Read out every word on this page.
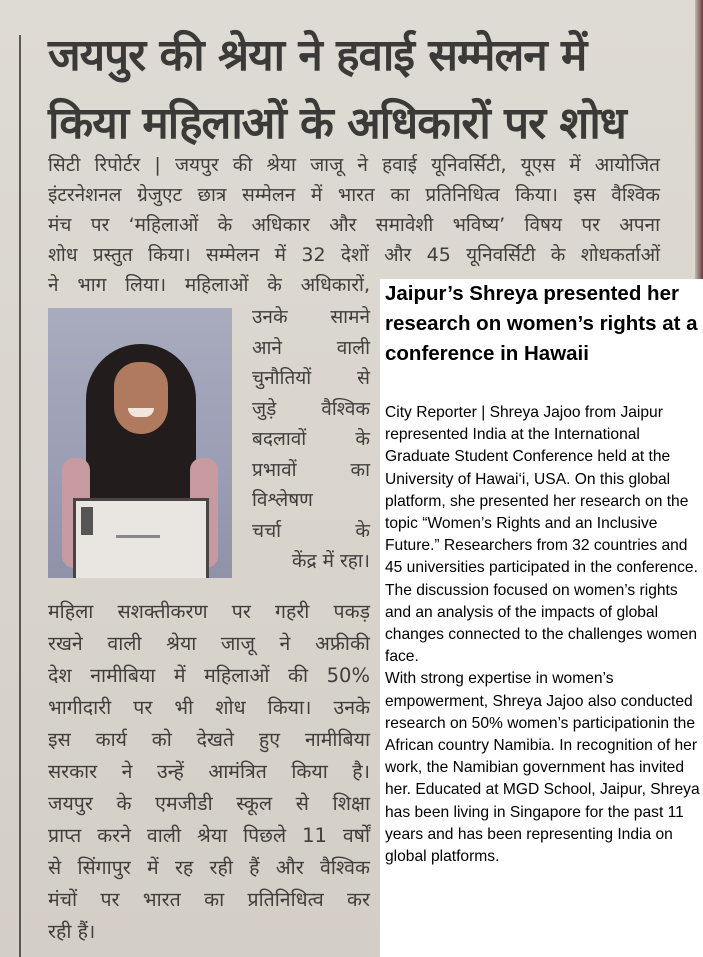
जयपुर की श्रेया ने हवाई सम्मेलन में
किया महिलाओं के अधिकारों पर शोध
सिटी रिपोर्टर | जयपुर की श्रेया जाजू ने हवाई यूनिवर्सिटी, यूएस में आयोजित
इंटरनेशनल ग्रेजुएट छात्र सम्मेलन में भारत का प्रतिनिधित्व किया। इस वैश्विक
मंच पर ‘महिलाओं के अधिकार और समावेशी भविष्य’ विषय पर अपना
शोध प्रस्तुत किया। सम्मेलन में 32 देशों और 45 यूनिवर्सिटी के शोधकर्ताओं
ने भाग लिया। महिलाओं के अधिकारों,
उनके सामने
आने वाली
चुनौतियों से
जुड़े वैश्विक
बदलावों के
प्रभावों का
विश्लेषण
चर्चा के
केंद्र में रहा।
महिला सशक्तीकरण पर गहरी पकड़
रखने वाली श्रेया जाजू ने अफ्रीकी
देश नामीबिया में महिलाओं की 50%
भागीदारी पर भी शोध किया। उनके
इस कार्य को देखते हुए नामीबिया
सरकार ने उन्हें आमंत्रित किया है।
जयपुर के एमजीडी स्कूल से शिक्षा
प्राप्त करने वाली श्रेया पिछले 11 वर्षों
से सिंगापुर में रह रही हैं और वैश्विक
मंचों पर भारत का प्रतिनिधित्व कर
रही हैं।
Jaipur’s Shreya presented her research on women’s rights at a conference in Hawaii
City Reporter | Shreya Jajoo from Jaipur represented India at the International Graduate Student Conference held at the University of Hawai‘i, USA. On this global platform, she presented her research on the topic “Women’s Rights and an Inclusive Future.” Researchers from 32 countries and 45 universities participated in the conference. The discussion focused on women’s rights and an analysis of the impacts of global changes connected to the challenges women face.
With strong expertise in women’s empowerment, Shreya Jajoo also conducted research on 50% women’s participationin the African country Namibia. In recognition of her work, the Namibian government has invited her. Educated at MGD School, Jaipur, Shreya has been living in Singapore for the past 11 years and has been representing India on global platforms.
